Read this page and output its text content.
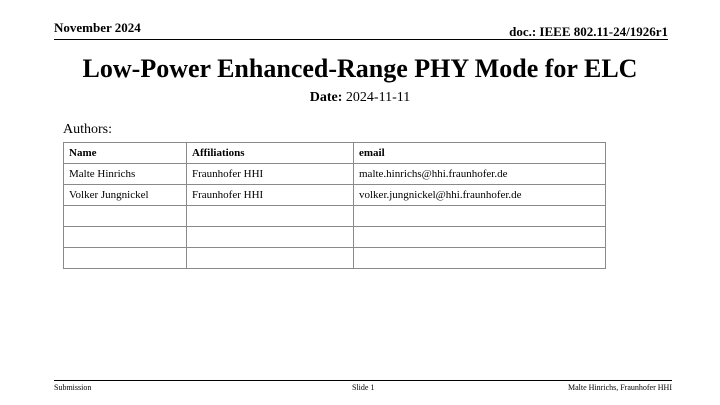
November 2024	doc.: IEEE 802.11-24/1926r1
Low-Power Enhanced-Range PHY Mode for ELC
Date: 2024-11-11
Authors:
Name	Affiliations	email
Malte Hinrichs	Fraunhofer HHI	malte.hinrichs@hhi.fraunhofer.de
Volker Jungnickel	Fraunhofer HHI	volker.jungnickel@hhi.fraunhofer.de

Submission	Slide 1	Malte Hinrichs, Fraunhofer HHI
